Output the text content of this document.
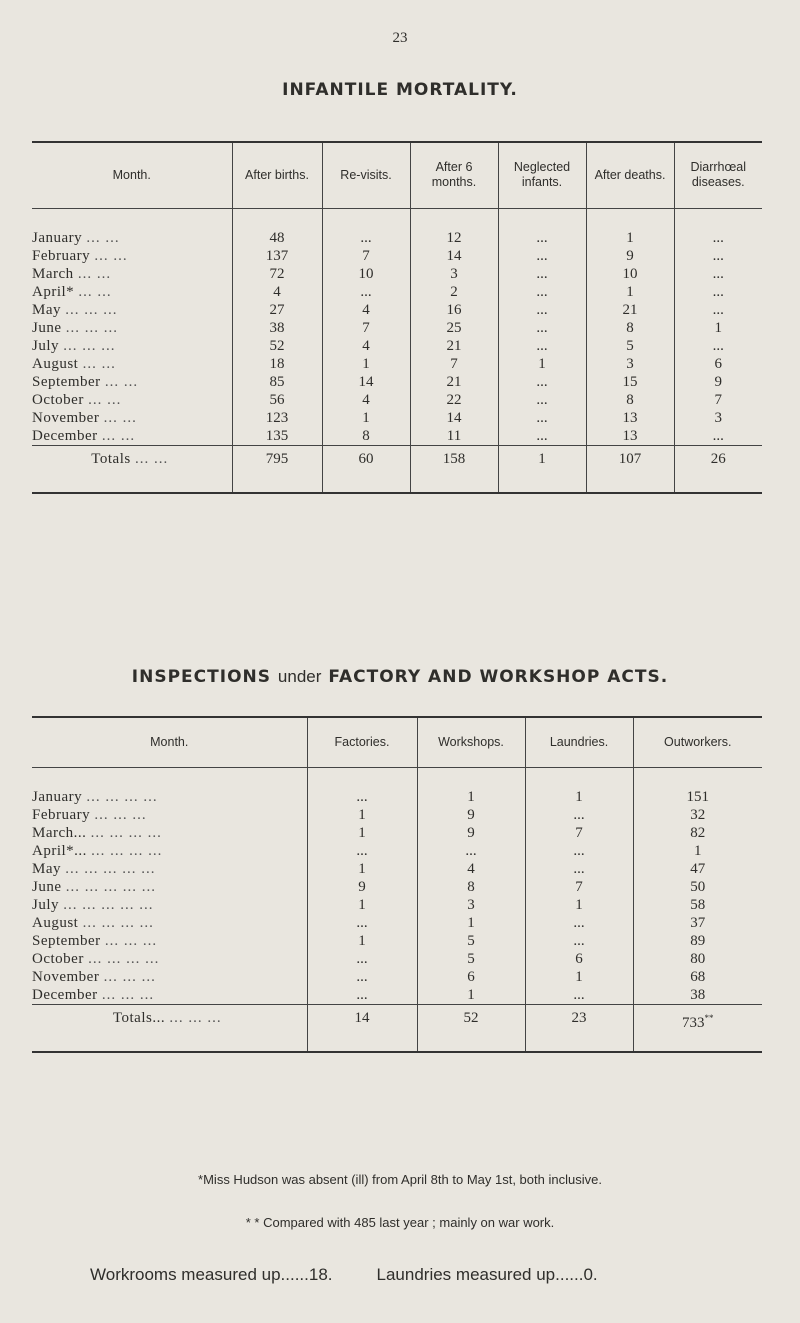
23
INFANTILE MORTALITY.
Month.	After births.	Re-visits.	After 6 months.	Neglected infants.	After deaths.	Diarrhœal diseases.

January ... ...	48	...	12	...	1	...
February ... ...	137	7	14	...	9	...
March ... ...	72	10	3	...	10	...
April* ... ...	4	...	2	...	1	...
May ... ... ...	27	4	16	...	21	...
June ... ... ...	38	7	25	...	8	1
July ... ... ...	52	4	21	...	5	...
August ... ...	18	1	7	1	3	6
September ... ...	85	14	21	...	15	9
October ... ...	56	4	22	...	8	7
November ... ...	123	1	14	...	13	3
December ... ...	135	8	11	...	13	...
Totals ... ...	795	60	158	1	107	26
INSPECTIONS under FACTORY AND WORKSHOP ACTS.
Month.	Factories.	Workshops.	Laundries.	Outworkers.

January ... ... ... ...	...	1	1	151
February ... ... ...	1	9	...	32
March... ... ... ... ...	1	9	7	82
April*... ... ... ... ...	...	...	...	1
May ... ... ... ... ...	1	4	...	47
June ... ... ... ... ...	9	8	7	50
July ... ... ... ... ...	1	3	1	58
August ... ... ... ...	...	1	...	37
September ... ... ...	1	5	...	89
October ... ... ... ...	...	5	6	80
November ... ... ...	...	6	1	68
December ... ... ...	...	1	...	38
Totals... ... ... ...	14	52	23	733**
*Miss Hudson was absent (ill) from April 8th to May 1st, both inclusive.
* * Compared with 485 last year ; mainly on war work.
Workrooms measured up......18.	Laundries measured up......0.
